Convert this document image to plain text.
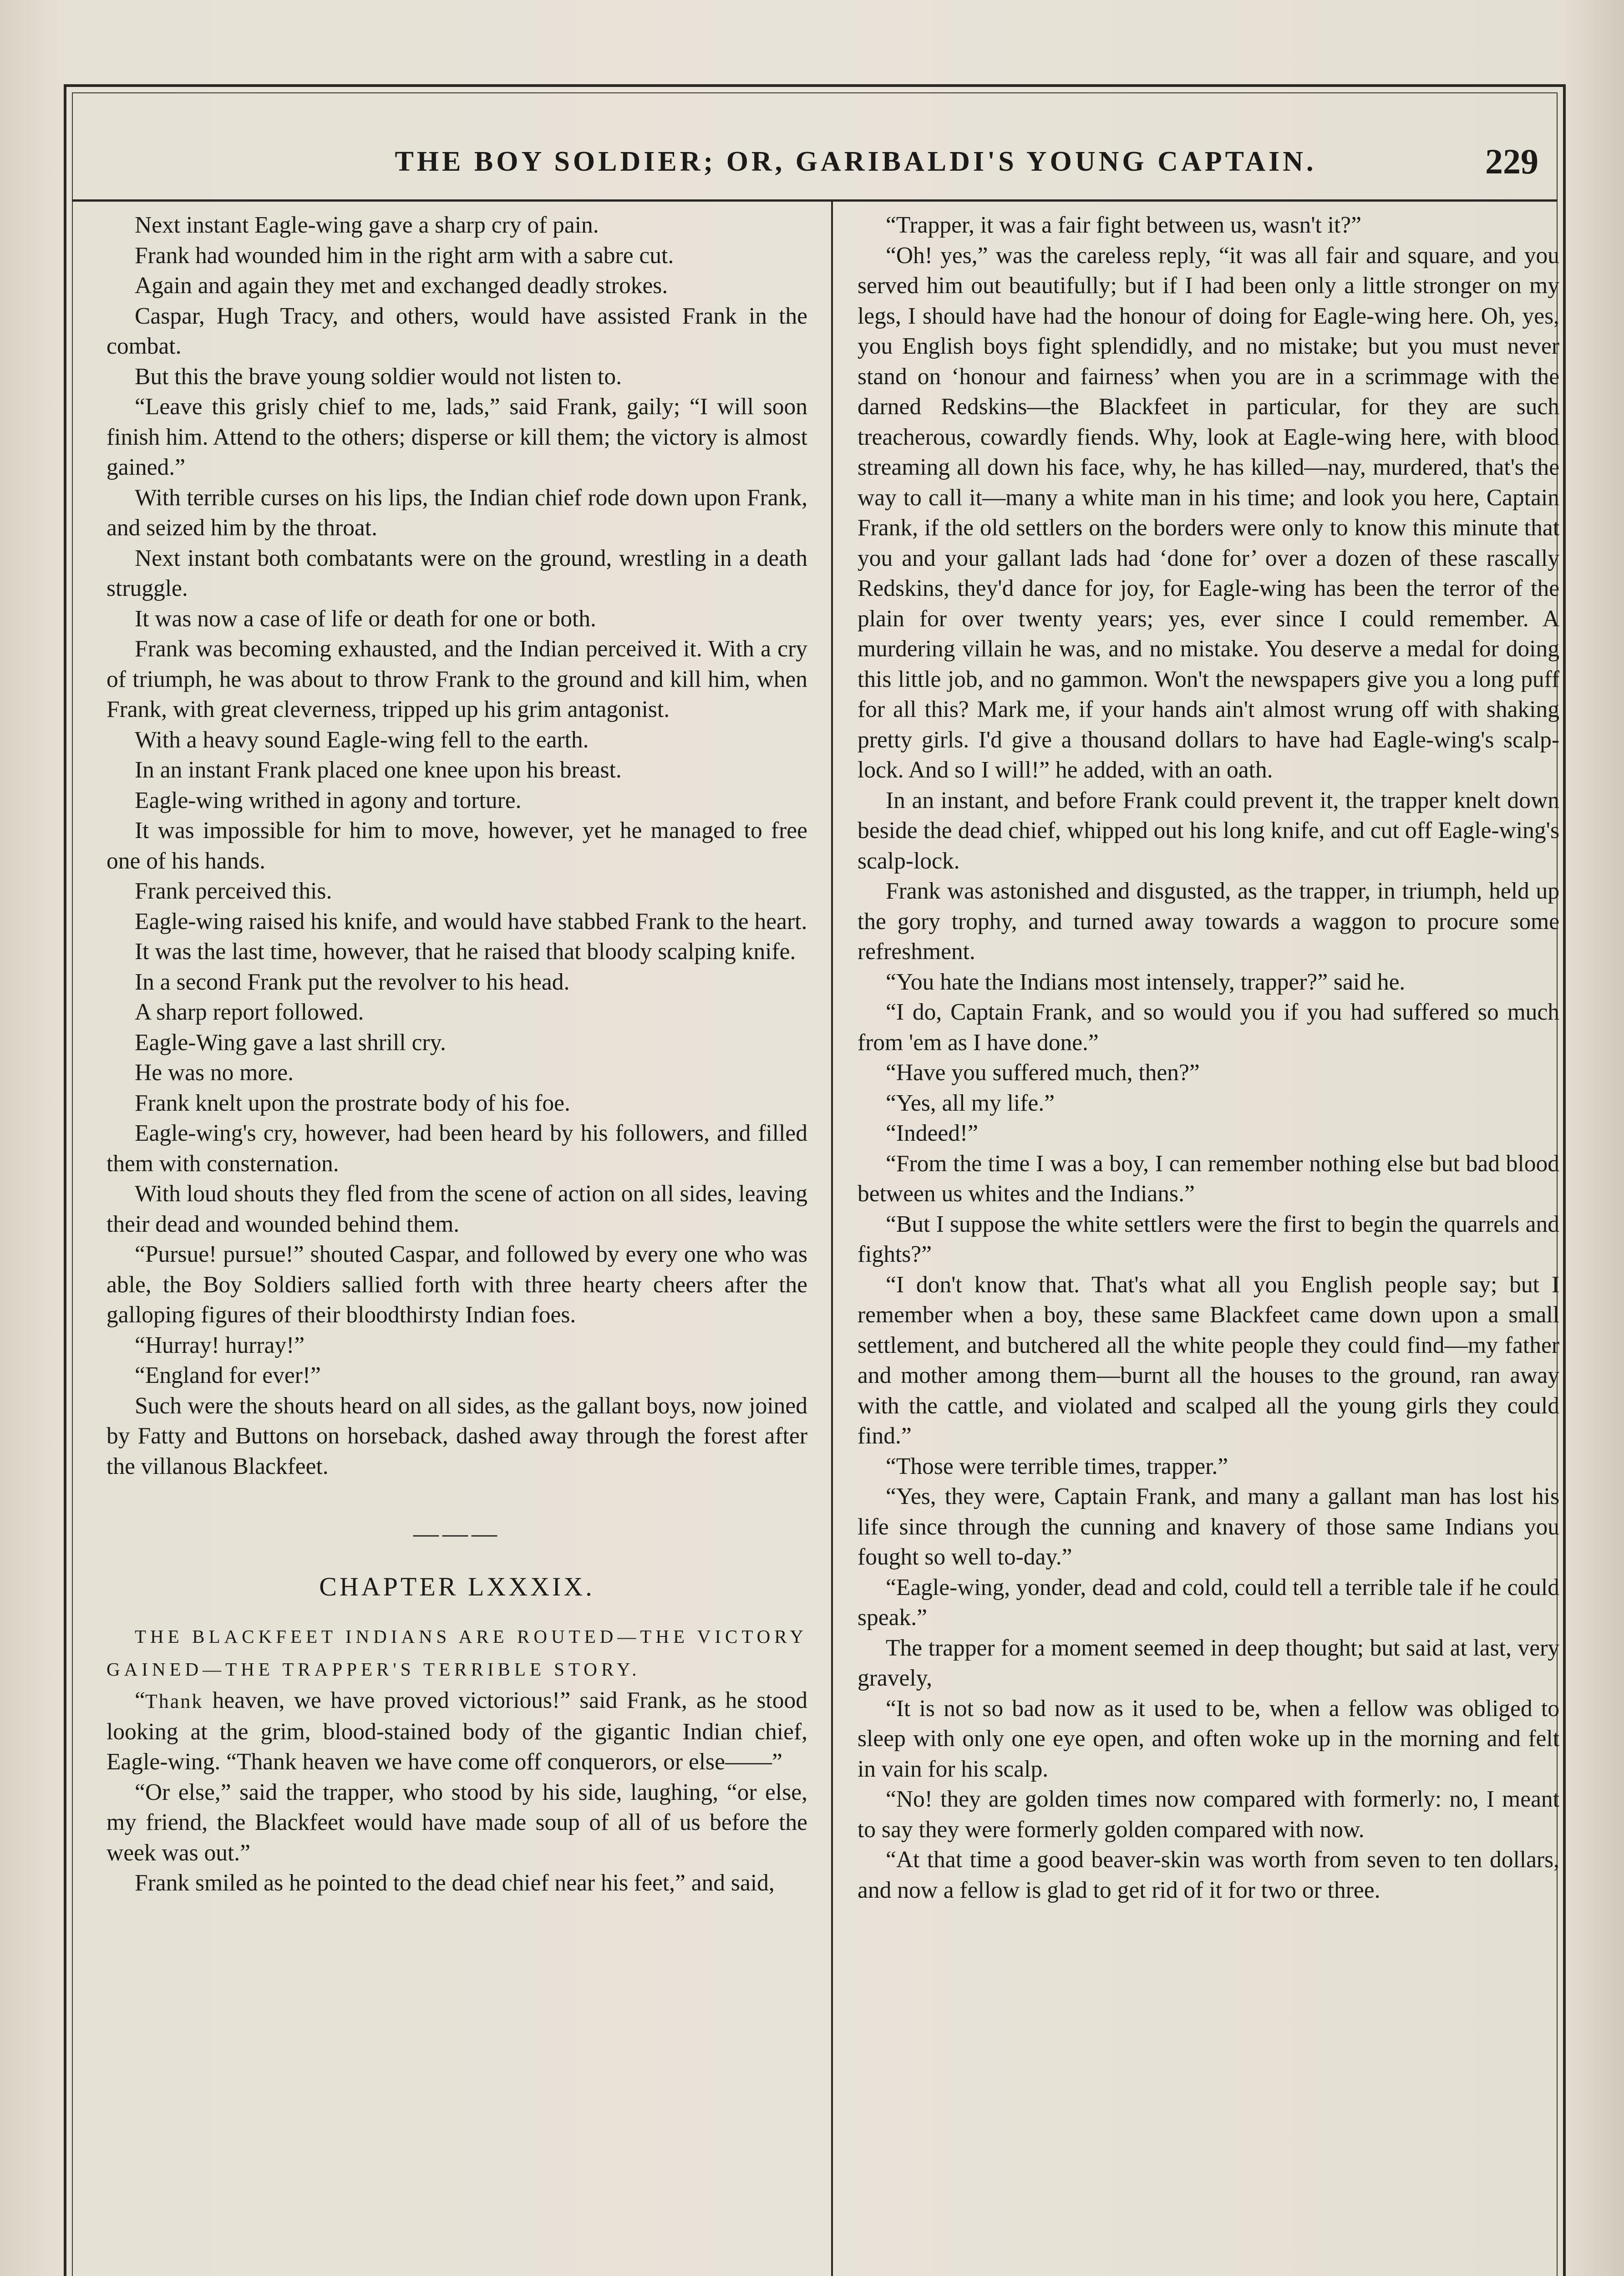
THE BOY SOLDIER; OR, GARIBALDI'S YOUNG CAPTAIN.	229

Next instant Eagle-wing gave a sharp cry of pain.

Frank had wounded him in the right arm with a sabre cut.

Again and again they met and exchanged deadly strokes.

Caspar, Hugh Tracy, and others, would have assisted Frank in the combat.

But this the brave young soldier would not listen to.

“Leave this grisly chief to me, lads,” said Frank, gaily; “I will soon finish him. Attend to the others; disperse or kill them; the victory is almost gained.”

With terrible curses on his lips, the Indian chief rode down upon Frank, and seized him by the throat.

Next instant both combatants were on the ground, wrestling in a death struggle.

It was now a case of life or death for one or both.

Frank was becoming exhausted, and the Indian perceived it. With a cry of triumph, he was about to throw Frank to the ground and kill him, when Frank, with great cleverness, tripped up his grim antagonist.

With a heavy sound Eagle-wing fell to the earth.

In an instant Frank placed one knee upon his breast.

Eagle-wing writhed in agony and torture.

It was impossible for him to move, however, yet he managed to free one of his hands.

Frank perceived this.

Eagle-wing raised his knife, and would have stabbed Frank to the heart.

It was the last time, however, that he raised that bloody scalping knife.

In a second Frank put the revolver to his head.

A sharp report followed.

Eagle-Wing gave a last shrill cry.

He was no more.

Frank knelt upon the prostrate body of his foe.

Eagle-wing's cry, however, had been heard by his followers, and filled them with consternation.

With loud shouts they fled from the scene of action on all sides, leaving their dead and wounded behind them.

“Pursue! pursue!” shouted Caspar, and followed by every one who was able, the Boy Soldiers sallied forth with three hearty cheers after the galloping figures of their bloodthirsty Indian foes.

“Hurray! hurray!”

“England for ever!”

Such were the shouts heard on all sides, as the gallant boys, now joined by Fatty and Buttons on horseback, dashed away through the forest after the villanous Blackfeet.

———
CHAPTER LXXXIX.

THE BLACKFEET INDIANS ARE ROUTED—THE VICTORY GAINED—THE TRAPPER'S TERRIBLE STORY.

“Thank heaven, we have proved victorious!” said Frank, as he stood looking at the grim, blood-stained body of the gigantic Indian chief, Eagle-wing. “Thank heaven we have come off conquerors, or else——”

“Or else,” said the trapper, who stood by his side, laughing, “or else, my friend, the Blackfeet would have made soup of all of us before the week was out.”

Frank smiled as he pointed to the dead chief near his feet,” and said,

“Trapper, it was a fair fight between us, wasn't it?”

“Oh! yes,” was the careless reply, “it was all fair and square, and you served him out beautifully; but if I had been only a little stronger on my legs, I should have had the honour of doing for Eagle-wing here. Oh, yes, you English boys fight splendidly, and no mistake; but you must never stand on ‘honour and fairness’ when you are in a scrimmage with the darned Redskins—the Blackfeet in particular, for they are such treacherous, cowardly fiends. Why, look at Eagle-wing here, with blood streaming all down his face, why, he has killed—nay, murdered, that's the way to call it—many a white man in his time; and look you here, Captain Frank, if the old settlers on the borders were only to know this minute that you and your gallant lads had ‘done for’ over a dozen of these rascally Redskins, they'd dance for joy, for Eagle-wing has been the terror of the plain for over twenty years; yes, ever since I could remember. A murdering villain he was, and no mistake. You deserve a medal for doing this little job, and no gammon. Won't the newspapers give you a long puff for all this? Mark me, if your hands ain't almost wrung off with shaking pretty girls. I'd give a thousand dollars to have had Eagle-wing's scalp-lock. And so I will!” he added, with an oath.

In an instant, and before Frank could prevent it, the trapper knelt down beside the dead chief, whipped out his long knife, and cut off Eagle-wing's scalp-lock.

Frank was astonished and disgusted, as the trapper, in triumph, held up the gory trophy, and turned away towards a waggon to procure some refreshment.

“You hate the Indians most intensely, trapper?” said he.

“I do, Captain Frank, and so would you if you had suffered so much from 'em as I have done.”

“Have you suffered much, then?”

“Yes, all my life.”

“Indeed!”

“From the time I was a boy, I can remember nothing else but bad blood between us whites and the Indians.”

“But I suppose the white settlers were the first to begin the quarrels and fights?”

“I don't know that. That's what all you English people say; but I remember when a boy, these same Blackfeet came down upon a small settlement, and butchered all the white people they could find—my father and mother among them—burnt all the houses to the ground, ran away with the cattle, and violated and scalped all the young girls they could find.”

“Those were terrible times, trapper.”

“Yes, they were, Captain Frank, and many a gallant man has lost his life since through the cunning and knavery of those same Indians you fought so well to-day.”

“Eagle-wing, yonder, dead and cold, could tell a terrible tale if he could speak.”

The trapper for a moment seemed in deep thought; but said at last, very gravely,

“It is not so bad now as it used to be, when a fellow was obliged to sleep with only one eye open, and often woke up in the morning and felt in vain for his scalp.

“No! they are golden times now compared with formerly: no, I meant to say they were formerly golden compared with now.

“At that time a good beaver-skin was worth from seven to ten dollars, and now a fellow is glad to get rid of it for two or three.
